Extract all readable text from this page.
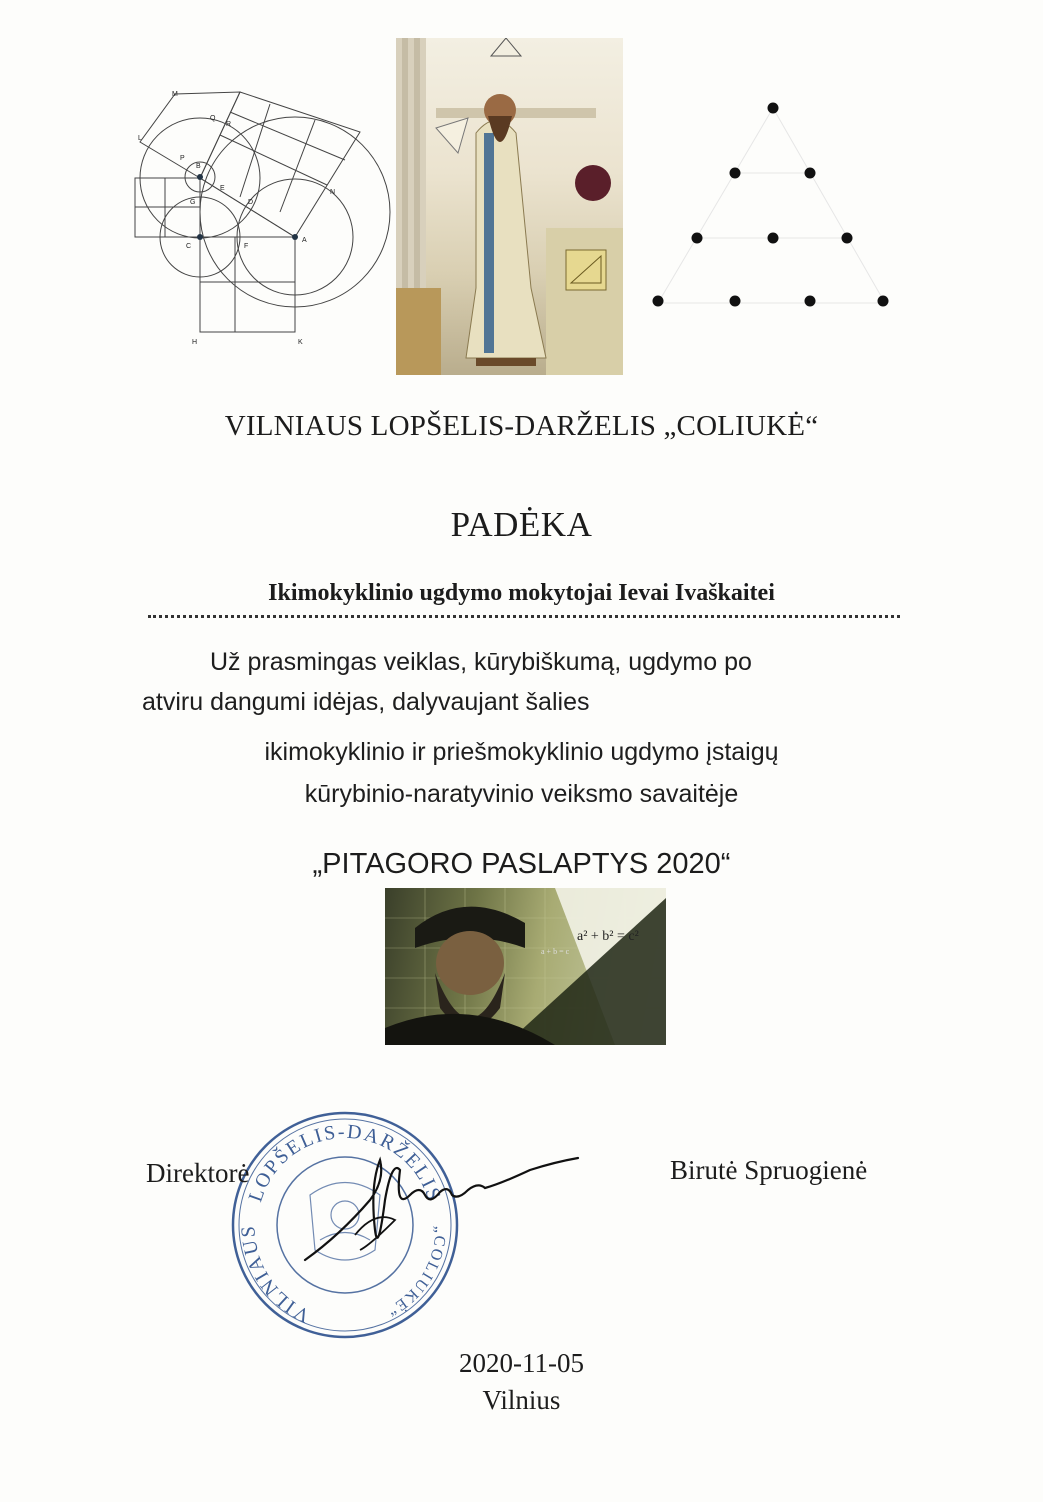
M
Q
R
L
P
B
E
G	D
N
C	F
A
H	K
VILNIAUS LOPŠELIS-DARŽELIS „COLIUKĖ“
PADĖKA
Ikimokyklinio ugdymo mokytojai Ievai Ivaškaitei
Už prasmingas veiklas, kūrybiškumą, ugdymo po
atviru dangumi idėjas, dalyvaujant šalies
ikimokyklinio ir priešmokyklinio ugdymo įstaigų
kūrybinio-naratyvinio veiksmo savaitėje
„PITAGORO PASLAPTYS 2020“
a² + b² = c²
a + b = c
LOPŠELIS-DARŽELIS
VILNIAUS	„COLIUKĖ“
Direktorė	Birutė Spruogienė
2020-11-05
Vilnius
